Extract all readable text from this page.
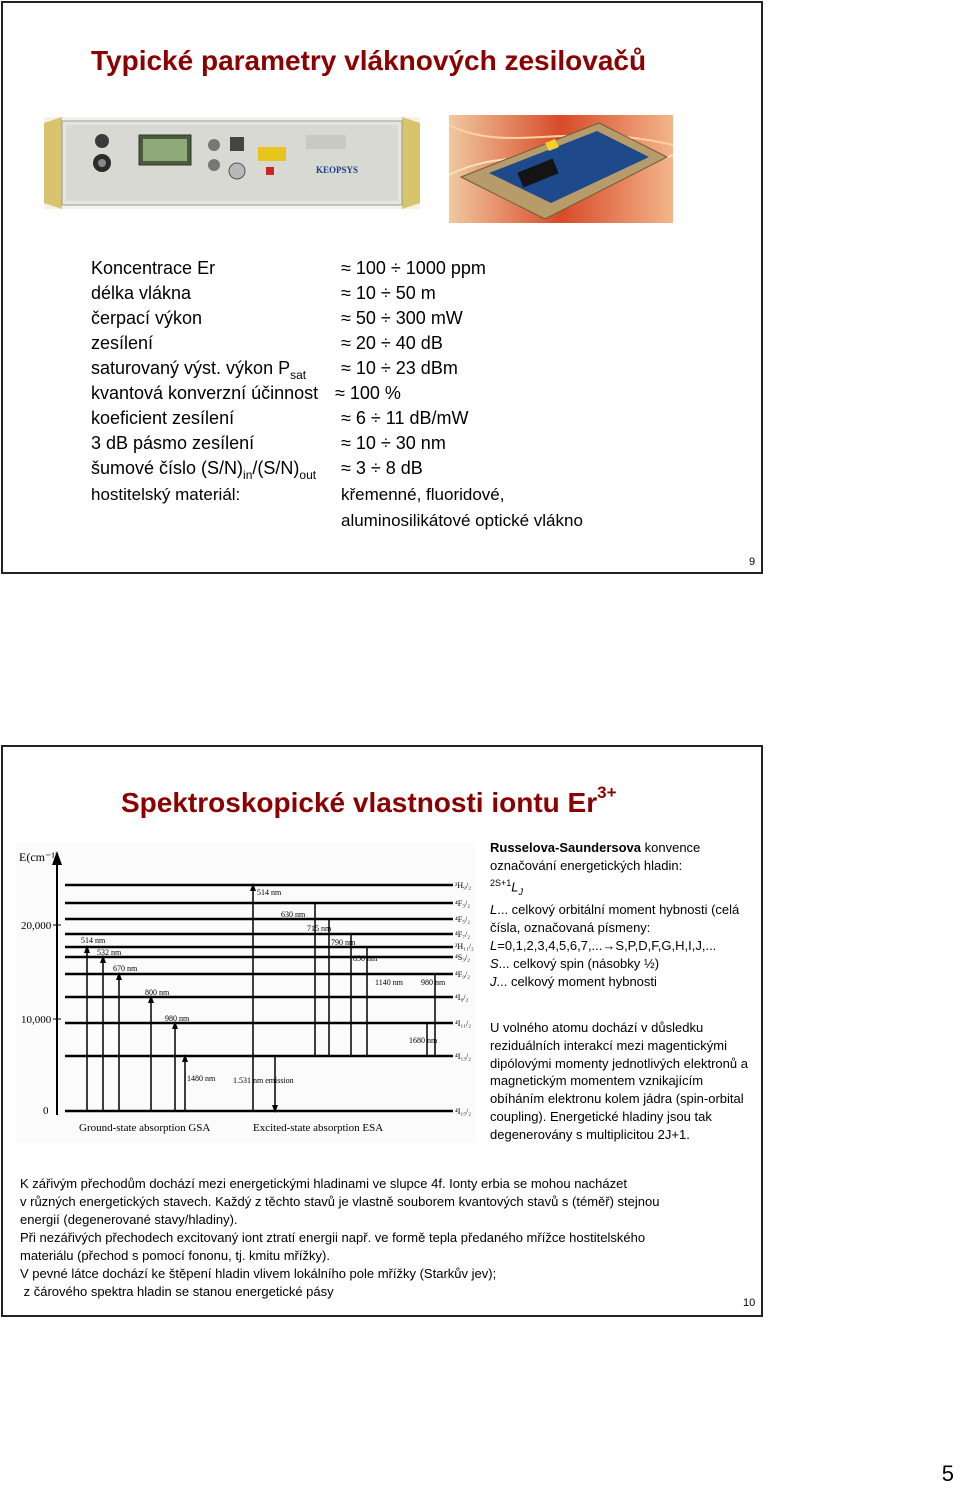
Typické parametry vláknových zesilovačů
KEOPSYS
Koncentrace Er	≈ 100 ÷ 1000 ppm
délka vlákna	≈ 10 ÷ 50 m
čerpací výkon	≈ 50 ÷ 300 mW
zesílení	≈ 20 ÷ 40 dB
saturovaný výst. výkon $P_{sat} \approx 10 \div 23$ dBm
kvantová konverzní účinnost ≈ 100 %
koeficient zesílení	≈ 6 ÷ 11 dB/mW
3 dB pásmo zesílení	≈ 10 ÷ 30 nm
šumové číslo $(S/N)_{in}/(S/N)_{out} \approx 3 \div 8$ dB
hostitelský materiál:	křemenné, fluoridové,
aluminosilikátové optické vlákno
9
Spektroskopické vlastnosti iontu $Er^{3+}$
E(cm⁻¹)
20,000
10,000
0
514 nm
532 nm
670 nm
800 nm
980 nm
1480 nm
514 nm
630 nm
715 nm
790 nm
850 nm
1140 nm 980 nm
1680 nm
1.531 nm emission
²H₉/₂
⁴F₃/₂
⁴F₅/₂
⁴F₇/₂
²H₁₁/₂
⁴S₃/₂
⁴F₉/₂
⁴I₉/₂
⁴I₁₁/₂
⁴I₁₃/₂
⁴I₁₅/₂
Ground-state absorption GSA	Excited-state absorption ESA
Russelova-Saundersova konvence označování energetických hladin:
$^{2S+1}L_J$
L... celkový orbitální moment hybnosti (celá čísla, označovaná písmeny:
L=0,1,2,3,4,5,6,7,...→S,P,D,F,G,H,I,J,...
S... celkový spin (násobky ½)
J... celkový moment hybnosti
U volného atomu dochází v důsledku reziduálních interakcí mezi magentickými dipólovými momenty jednotlivých elektronů a magnetickým momentem vznikajícím obíháním elektronu kolem jádra (spin-orbital coupling). Energetické hladiny jsou tak degenerovány s multiplicitou 2J+1.
K zářivým přechodům dochází mezi energetickými hladinami ve slupce 4f. Ionty erbia se mohou nacházet
v různých energetických stavech. Každý z těchto stavů je vlastně souborem kvantových stavů s (téměř) stejnou
energií (degenerované stavy/hladiny).
Při nezářivých přechodech excitovaný iont ztratí energii např. ve formě tepla předaného mřížce hostitelského
materiálu (přechod s pomocí fononu, tj. kmitu mřížky).
V pevné látce dochází ke štěpení hladin vlivem lokálního pole mřížky (Starkův jev);
z čárového spektra hladin se stanou energetické pásy
10
5
